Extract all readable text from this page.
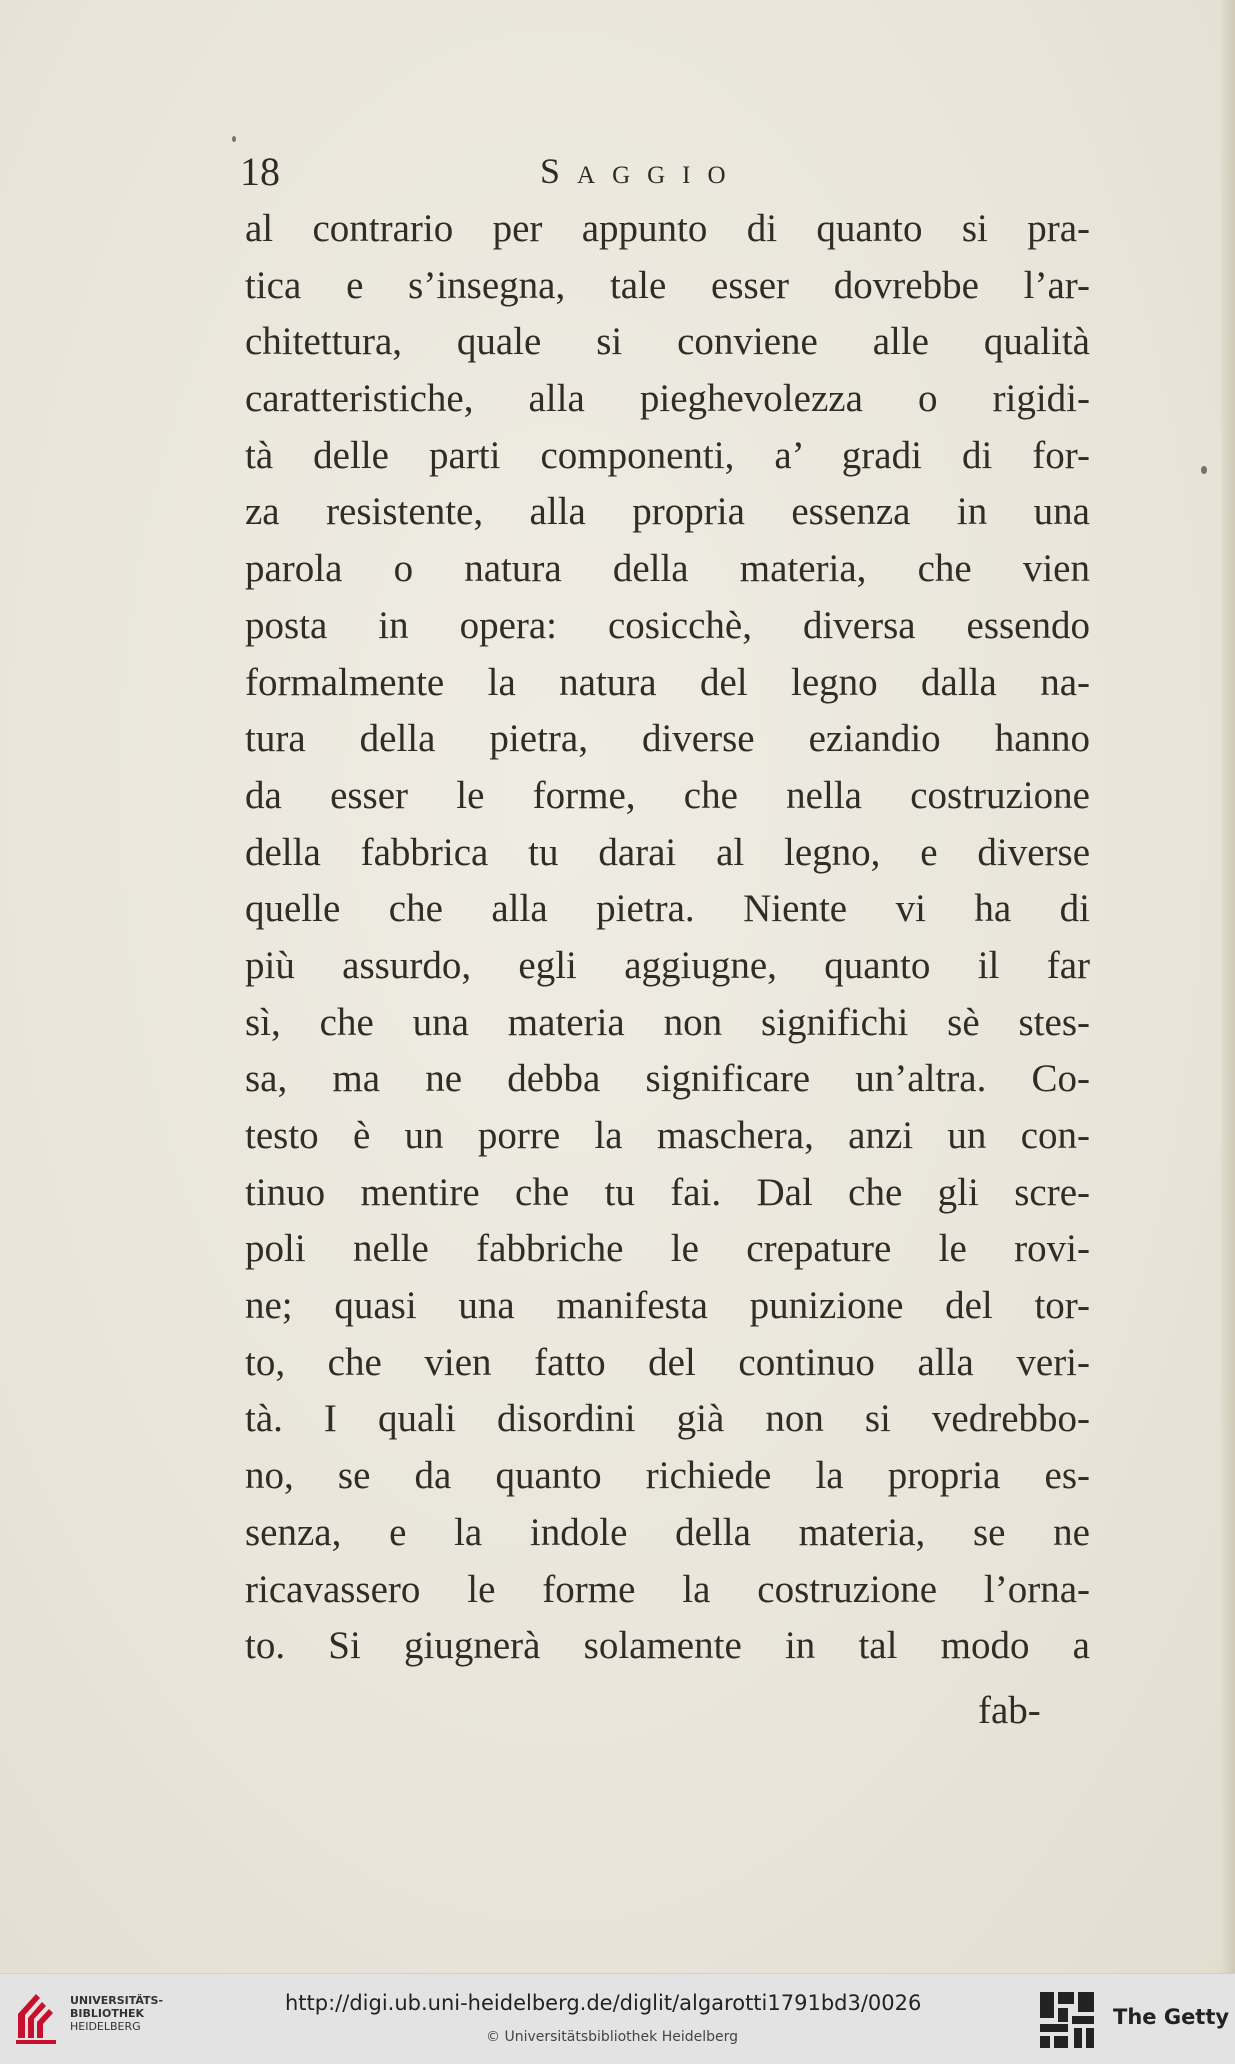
18	Saggio
al contrario per appunto di quanto si pra-
tica e s’insegna, tale esser dovrebbe l’ar-
chitettura, quale si conviene alle qualità
caratteristiche, alla pieghevolezza o rigidi-
tà delle parti componenti, a’ gradi di for-
za resistente, alla propria essenza in una
parola o natura della materia, che vien
posta in opera: cosicchè, diversa essendo
formalmente la natura del legno dalla na-
tura della pietra, diverse eziandio hanno
da esser le forme, che nella costruzione
della fabbrica tu darai al legno, e diverse
quelle che alla pietra. Niente vi ha di
più assurdo, egli aggiugne, quanto il far
sì, che una materia non significhi sè stes-
sa, ma ne debba significare un’altra. Co-
testo è un porre la maschera, anzi un con-
tinuo mentire che tu fai. Dal che gli scre-
poli nelle fabbriche le crepature le rovi-
ne; quasi una manifesta punizione del tor-
to, che vien fatto del continuo alla veri-
tà. I quali disordini già non si vedrebbo-
no, se da quanto richiede la propria es-
senza, e la indole della materia, se ne
ricavassero le forme la costruzione l’orna-
to. Si giugnerà solamente in tal modo a
fab-
UNIVERSITÄTS-
BIBLIOTHEK
HEIDELBERG
http://digi.ub.uni-heidelberg.de/diglit/algarotti1791bd3/0026
© Universitätsbibliothek Heidelberg
The Getty
